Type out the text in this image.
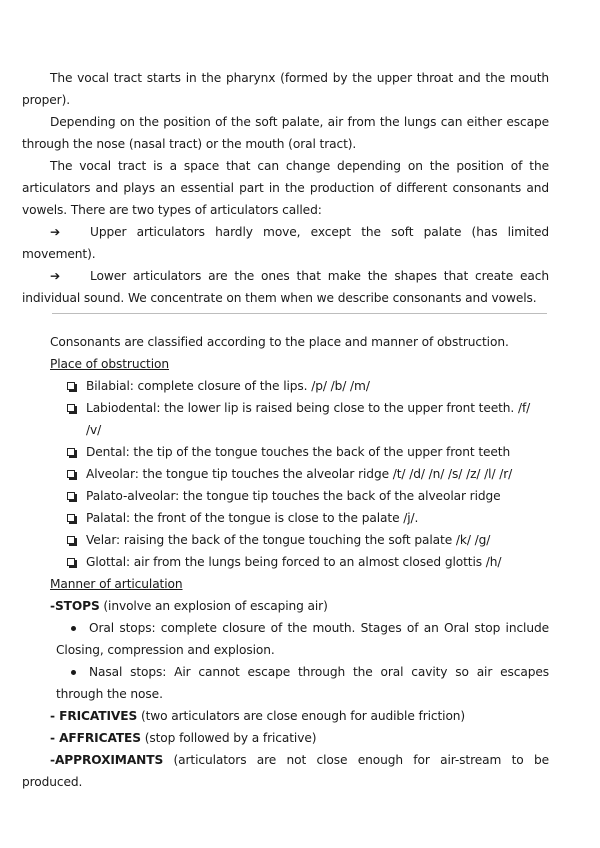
The vocal tract starts in the pharynx (formed by the upper throat and the mouth proper).

Depending on the position of the soft palate, air from the lungs can either escape through the nose (nasal tract) or the mouth (oral tract).

The vocal tract is a space that can change depending on the position of the articulators and plays an essential part in the production of different consonants and vowels. There are two types of articulators called:

➔ Upper articulators hardly move, except the soft palate (has limited movement).

➔ Lower articulators are the ones that make the shapes that create each individual sound. We concentrate on them when we describe consonants and vowels.

Consonants are classified according to the place and manner of obstruction.

Place of obstruction

Bilabial: complete closure of the lips. /p/ /b/ /m/
Labiodental: the lower lip is raised being close to the upper front teeth. /f/ /v/
Dental: the tip of the tongue touches the back of the upper front teeth
Alveolar: the tongue tip touches the alveolar ridge /t/ /d/ /n/ /s/ /z/ /l/ /r/
Palato-alveolar: the tongue tip touches the back of the alveolar ridge
Palatal: the front of the tongue is close to the palate /j/.
Velar: raising the back of the tongue touching the soft palate /k/ /g/
Glottal: air from the lungs being forced to an almost closed glottis /h/

Manner of articulation

-STOPS (involve an explosion of escaping air)

Oral stops: complete closure of the mouth. Stages of an Oral stop include Closing, compression and explosion.

Nasal stops: Air cannot escape through the oral cavity so air escapes through the nose.

- FRICATIVES (two articulators are close enough for audible friction)

- AFFRICATES (stop followed by a fricative)

-APPROXIMANTS (articulators are not close enough for air-stream to be produced.
